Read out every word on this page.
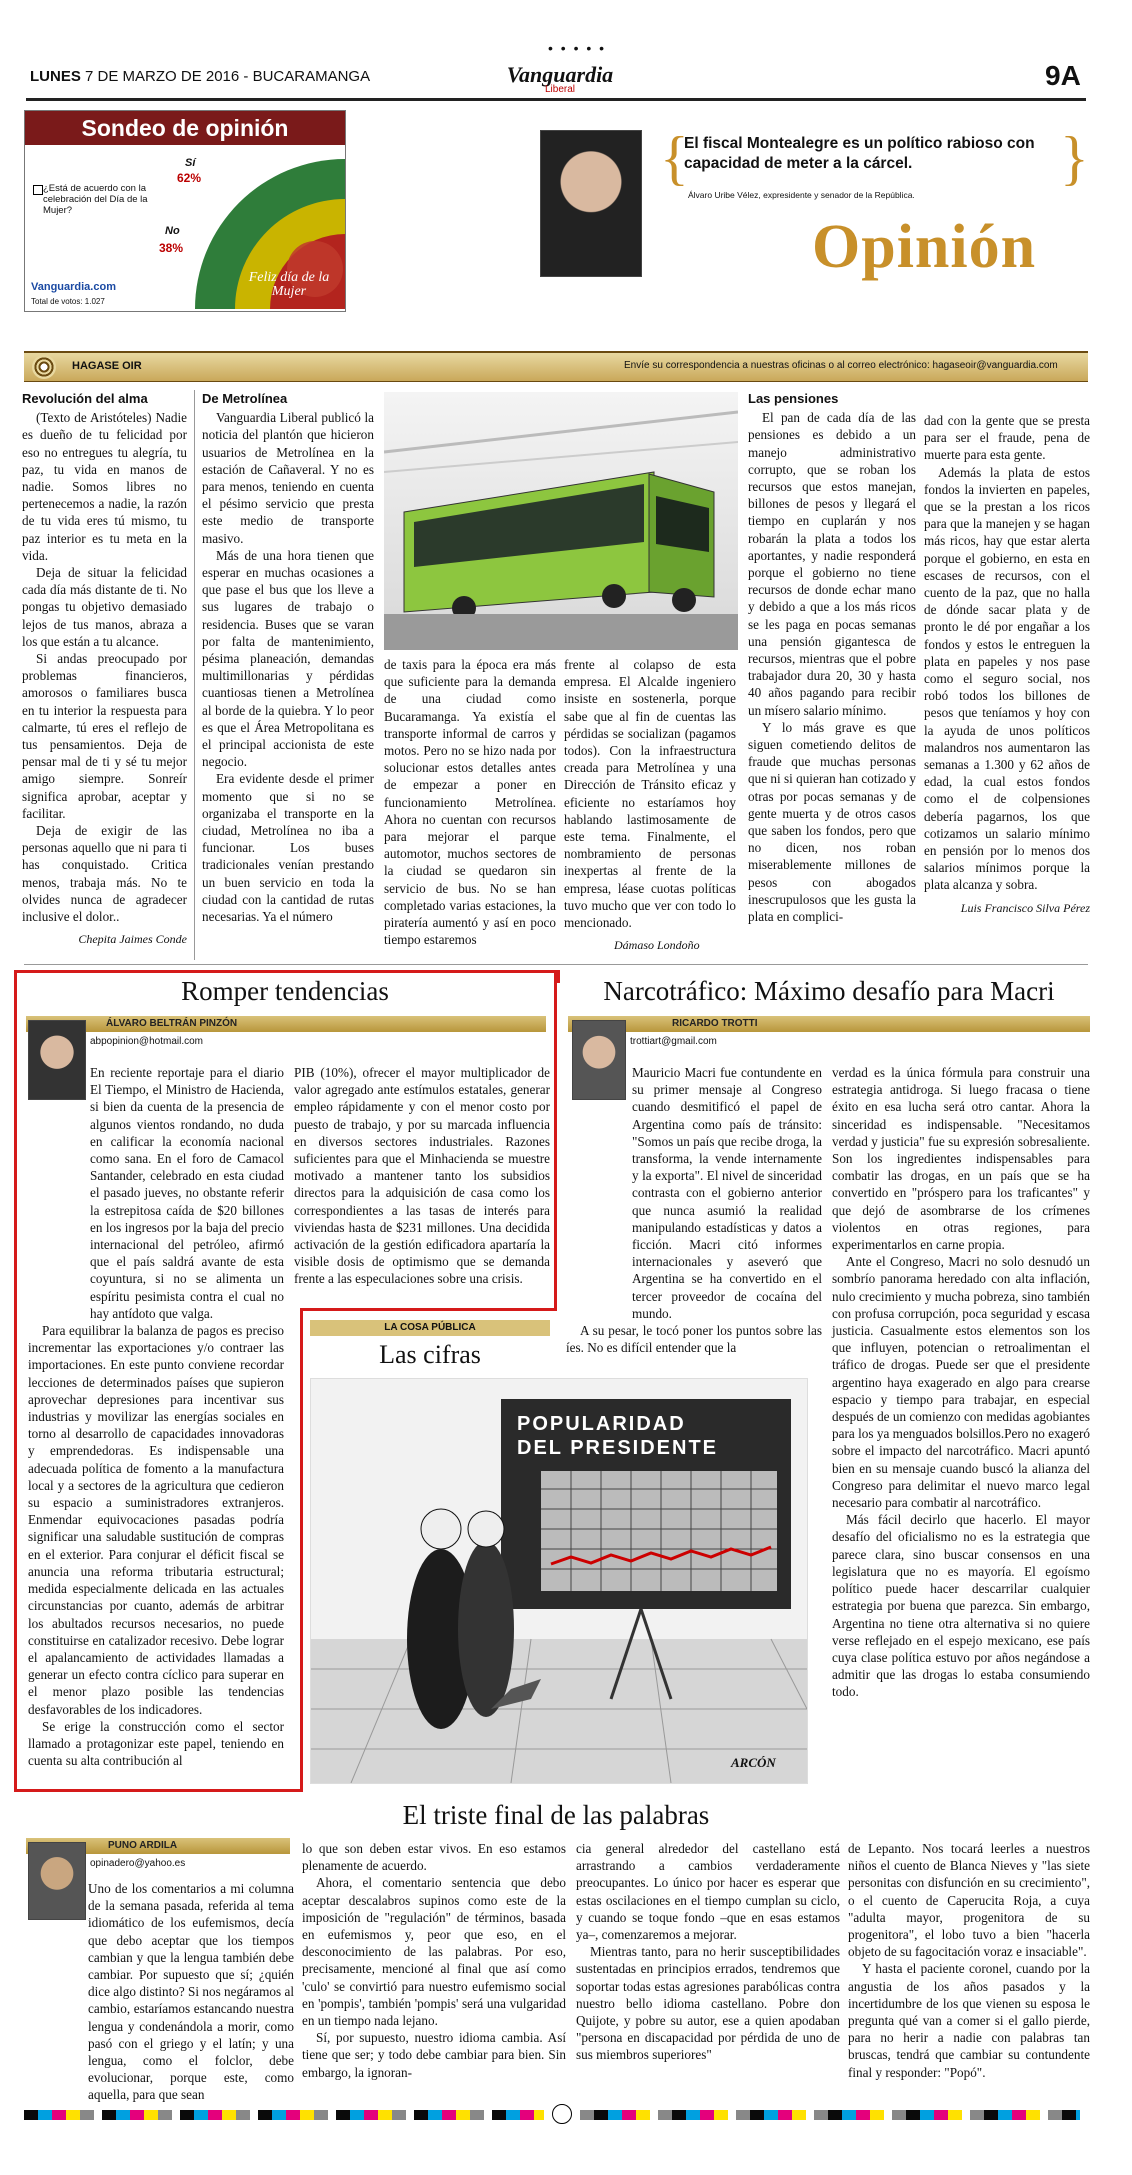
• • • • •
LUNES 7 DE MARZO DE 2016 - BUCARAMANGA	Vanguardia
Liberal	9A
Sondeo de opinión
Sí
62%
¿Está de acuerdo con la celebración del Día de la Mujer?
No
38%
Feliz día de la Mujer
Vanguardia.com
Total de votos: 1.027
{	}
El fiscal Montealegre es un político rabioso con capacidad de meter a la cárcel.
Álvaro Uribe Vélez, expresidente y senador de la República.
Opinión
HAGASE OIR	Envíe su correspondencia a nuestras oficinas o al correo electrónico: hagaseoir@vanguardia.com
Revolución del alma

(Texto de Aristóteles) Nadie es dueño de tu felicidad por eso no entregues tu alegría, tu paz, tu vida en manos de nadie. Somos libres no pertenecemos a nadie, la razón de tu vida eres tú mismo, tu paz interior es tu meta en la vida.

Deja de situar la felicidad cada día más distante de ti. No pongas tu objetivo demasiado lejos de tus manos, abraza a los que están a tu alcance.

Si andas preocupado por problemas financieros, amorosos o familiares busca en tu interior la respuesta para calmarte, tú eres el reflejo de tus pensamientos. Deja de pensar mal de ti y sé tu mejor amigo siempre. Sonreír significa aprobar, aceptar y facilitar.

Deja de exigir de las personas aquello que ni para ti has conquistado. Critica menos, trabaja más. No te olvides nunca de agradecer inclusive el dolor..

Chepita Jaimes Conde
De Metrolínea

Vanguardia Liberal publicó la noticia del plantón que hicieron usuarios de Metrolínea en la estación de Cañaveral. Y no es para menos, teniendo en cuenta el pésimo servicio que presta este medio de transporte masivo.

Más de una hora tienen que esperar en muchas ocasiones a que pase el bus que los lleve a sus lugares de trabajo o residencia. Buses que se varan por falta de mantenimiento, pésima planeación, demandas multimillonarias y pérdidas cuantiosas tienen a Metrolínea al borde de la quiebra. Y lo peor es que el Área Metropolitana es el principal accionista de este negocio.

Era evidente desde el primer momento que si no se organizaba el transporte en la ciudad, Metrolínea no iba a funcionar. Los buses tradicionales venían prestando un buen servicio en toda la ciudad con la cantidad de rutas necesarias. Ya el número

de taxis para la época era más que suficiente para la demanda de una ciudad como Bucaramanga. Ya existía el transporte informal de carros y motos. Pero no se hizo nada por solucionar estos detalles antes de empezar a poner en funcionamiento Metrolínea. Ahora no cuentan con recursos para mejorar el parque automotor, muchos sectores de la ciudad se quedaron sin servicio de bus. No se han completado varias estaciones, la piratería aumentó y así en poco tiempo estaremos

frente al colapso de esta empresa. El Alcalde ingeniero insiste en sostenerla, porque sabe que al fin de cuentas las pérdidas se socializan (pagamos todos). Con la infraestructura creada para Metrolínea y una Dirección de Tránsito eficaz y eficiente no estaríamos hoy hablando lastimosamente de este tema. Finalmente, el nombramiento de personas inexpertas al frente de la empresa, léase cuotas políticas tuvo mucho que ver con todo lo mencionado.

Dámaso Londoño
Las pensiones

El pan de cada día de las pensiones es debido a un manejo administrativo corrupto, que se roban los recursos que estos manejan, billones de pesos y llegará el tiempo en cuplarán y nos robarán la plata a todos los aportantes, y nadie responderá porque el gobierno no tiene recursos de donde echar mano y debido a que a los más ricos se les paga en pocas semanas una pensión gigantesca de recursos, mientras que el pobre trabajador dura 20, 30 y hasta 40 años pagando para recibir un mísero salario mínimo.

Y lo más grave es que siguen cometiendo delitos de fraude que muchas personas que ni si quieran han cotizado y otras por pocas semanas y de gente muerta y de otros casos que saben los fondos, pero que no dicen, nos roban miserablemente millones de pesos con abogados inescrupulosos que les gusta la plata en complici-

dad con la gente que se presta para ser el fraude, pena de muerte para esta gente.

Además la plata de estos fondos la invierten en papeles, que se la prestan a los ricos para que la manejen y se hagan más ricos, hay que estar alerta porque el gobierno, en esta en escases de recursos, con el cuento de la paz, que no halla de dónde sacar plata y de pronto le dé por engañar a los fondos y estos le entreguen la plata en papeles y nos pase como el seguro social, nos robó todos los billones de pesos que teníamos y hoy con la ayuda de unos políticos malandros nos aumentaron las semanas a 1.300 y 62 años de edad, la cual estos fondos como el de colpensiones debería pagarnos, los que cotizamos un salario mínimo en pensión por lo menos dos salarios mínimos porque la plata alcanza y sobra.

Luis Francisco Silva Pérez
Romper tendencias
ÁLVARO BELTRÁN PINZÓN
abpopinion@hotmail.com

En reciente reportaje para el diario El Tiempo, el Ministro de Hacienda, si bien da cuenta de la presencia de algunos vientos rondando, no duda en calificar la economía nacional como sana. En el foro de Camacol Santander, celebrado en esta ciudad el pasado jueves, no obstante referir la estrepitosa caída de $20 billones en los ingresos por la baja del precio internacional del petróleo, afirmó que el país saldrá avante de esta coyuntura, si no se alimenta un espíritu pesimista contra el cual no hay antídoto que valga.

Para equilibrar la balanza de pagos es preciso incrementar las exportaciones y/o contraer las importaciones. En este punto conviene recordar lecciones de determinados países que supieron aprovechar depresiones para incentivar sus industrias y movilizar las energías sociales en torno al desarrollo de capacidades innovadoras y emprendedoras. Es indispensable una adecuada política de fomento a la manufactura local y a sectores de la agricultura que cedieron su espacio a suministradores extranjeros. Enmendar equivocaciones pasadas podría significar una saludable sustitución de compras en el exterior. Para conjurar el déficit fiscal se anuncia una reforma tributaria estructural; medida especialmente delicada en las actuales circunstancias por cuanto, además de arbitrar los abultados recursos necesarios, no puede constituirse en catalizador recesivo. Debe lograr el apalancamiento de actividades llamadas a generar un efecto contra cíclico para superar en el menor plazo posible las tendencias desfavorables de los indicadores.

Se erige la construcción como el sector llamado a protagonizar este papel, teniendo en cuenta su alta contribución al

PIB (10%), ofrecer el mayor multiplicador de valor agregado ante estímulos estatales, generar empleo rápidamente y con el menor costo por puesto de trabajo, y por su marcada influencia en diversos sectores industriales. Razones suficientes para que el Minhacienda se muestre motivado a mantener tanto los subsidios directos para la adquisición de casa como los correspondientes a las tasas de interés para viviendas hasta de $231 millones. Una decidida activación de la gestión edificadora apartaría la visible dosis de optimismo que se demanda frente a las especulaciones sobre una crisis.

LA COSA PÚBLICA
Las cifras
POPULARIDAD
DEL PRESIDENTE
ARCÓN
Narcotráfico: Máximo desafío para Macri
RICARDO TROTTI
trottiart@gmail.com

Mauricio Macri fue contundente en su primer mensaje al Congreso cuando desmitificó el papel de Argentina como país de tránsito: "Somos un país que recibe droga, la transforma, la vende internamente y la exporta". El nivel de sinceridad contrasta con el gobierno anterior que nunca asumió la realidad manipulando estadísticas y datos a ficción. Macri citó informes internacionales y aseveró que Argentina se ha convertido en el tercer proveedor de cocaína del mundo.

A su pesar, le tocó poner los puntos sobre las íes. No es difícil entender que la

verdad es la única fórmula para construir una estrategia antidroga. Si luego fracasa o tiene éxito en esa lucha será otro cantar. Ahora la sinceridad es indispensable. "Necesitamos verdad y justicia" fue su expresión sobresaliente. Son los ingredientes indispensables para combatir las drogas, en un país que se ha convertido en "próspero para los traficantes" y que dejó de asombrarse de los crímenes violentos en otras regiones, para experimentarlos en carne propia.

Ante el Congreso, Macri no solo desnudó un sombrío panorama heredado con alta inflación, nulo crecimiento y mucha pobreza, sino también con profusa corrupción, poca seguridad y escasa justicia. Casualmente estos elementos son los que influyen, potencian o retroalimentan el tráfico de drogas. Puede ser que el presidente argentino haya exagerado en algo para crearse espacio y tiempo para trabajar, en especial después de un comienzo con medidas agobiantes para los ya menguados bolsillos.Pero no exageró sobre el impacto del narcotráfico. Macri apuntó bien en su mensaje cuando buscó la alianza del Congreso para delimitar el nuevo marco legal necesario para combatir al narcotráfico.

Más fácil decirlo que hacerlo. El mayor desafío del oficialismo no es la estrategia que parece clara, sino buscar consensos en una legislatura que no es mayoría. El egoísmo político puede hacer descarrilar cualquier estrategia por buena que parezca. Sin embargo, Argentina no tiene otra alternativa si no quiere verse reflejado en el espejo mexicano, ese país cuya clase política estuvo por años negándose a admitir que las drogas lo estaba consumiendo todo.

El triste final de las palabras
PUNO ARDILA
opinadero@yahoo.es

Uno de los comentarios a mi columna de la semana pasada, referida al tema idiomático de los eufemismos, decía que debo aceptar que los tiempos cambian y que la lengua también debe cambiar. Por supuesto que sí; ¿quién dice algo distinto? Si nos negáramos al cambio, estaríamos estancando nuestra lengua y condenándola a morir, como pasó con el griego y el latín; y una lengua, como el folclor, debe evolucionar, porque este, como aquella, para que sean

lo que son deben estar vivos. En eso estamos plenamente de acuerdo.

Ahora, el comentario sentencia que debo aceptar descalabros supinos como este de la imposición de "regulación" de términos, basada en eufemismos y, peor que eso, en el desconocimiento de las palabras. Por eso, precisamente, mencioné al final que así como 'culo' se convirtió para nuestro eufemismo social en 'pompis', también 'pompis' será una vulgaridad en un tiempo nada lejano.

Sí, por supuesto, nuestro idioma cambia. Así tiene que ser; y todo debe cambiar para bien. Sin embargo, la ignoran-

cia general alrededor del castellano está arrastrando a cambios verdaderamente preocupantes. Lo único por hacer es esperar que estas oscilaciones en el tiempo cumplan su ciclo, y cuando se toque fondo –que en esas estamos ya–, comenzaremos a mejorar.

Mientras tanto, para no herir susceptibilidades sustentadas en principios errados, tendremos que soportar todas estas agresiones parabólicas contra nuestro bello idioma castellano. Pobre don Quijote, y pobre su autor, ese a quien apodaban "persona en discapacidad por pérdida de uno de sus miembros superiores"

de Lepanto. Nos tocará leerles a nuestros niños el cuento de Blanca Nieves y "las siete personitas con disfunción en su crecimiento", o el cuento de Caperucita Roja, a cuya "adulta mayor, progenitora de su progenitora", el lobo tuvo a bien "hacerla objeto de su fagocitación voraz e insaciable".

Y hasta el paciente coronel, cuando por la angustia de los años pasados y la incertidumbre de los que vienen su esposa le pregunta qué van a comer si el gallo pierde, para no herir a nadie con palabras tan bruscas, tendrá que cambiar su contundente final y responder: "Popó".
